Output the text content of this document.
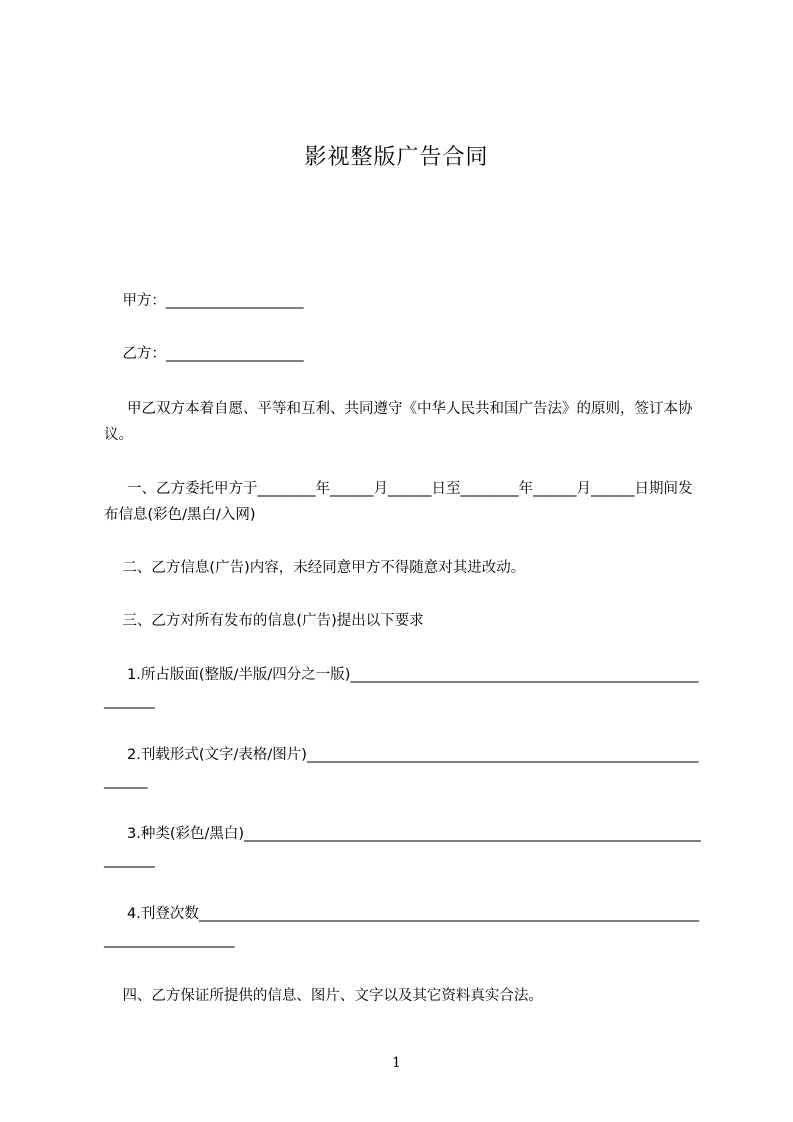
影视整版广告合同

甲方：___________________

乙方：___________________

甲乙双方本着自愿、平等和互利、共同遵守《中华人民共和国广告法》的原则，签订本协议。

一、乙方委托甲方于________年______月______日至________年______月______日期间发布信息(彩色/黑白/入网)

二、乙方信息(广告)内容，未经同意甲方不得随意对其进改动。

三、乙方对所有发布的信息(广告)提出以下要求

1.所占版面(整版/半版/四分之一版)_______________________________________________________

2.刊载形式(文字/表格/图片)____________________________________________________________

3.种类(彩色/黑白)______________________________________________________________________

4.刊登次数_______________________________________________________________________________________

四、乙方保证所提供的信息、图片、文字以及其它资料真实合法。

1
